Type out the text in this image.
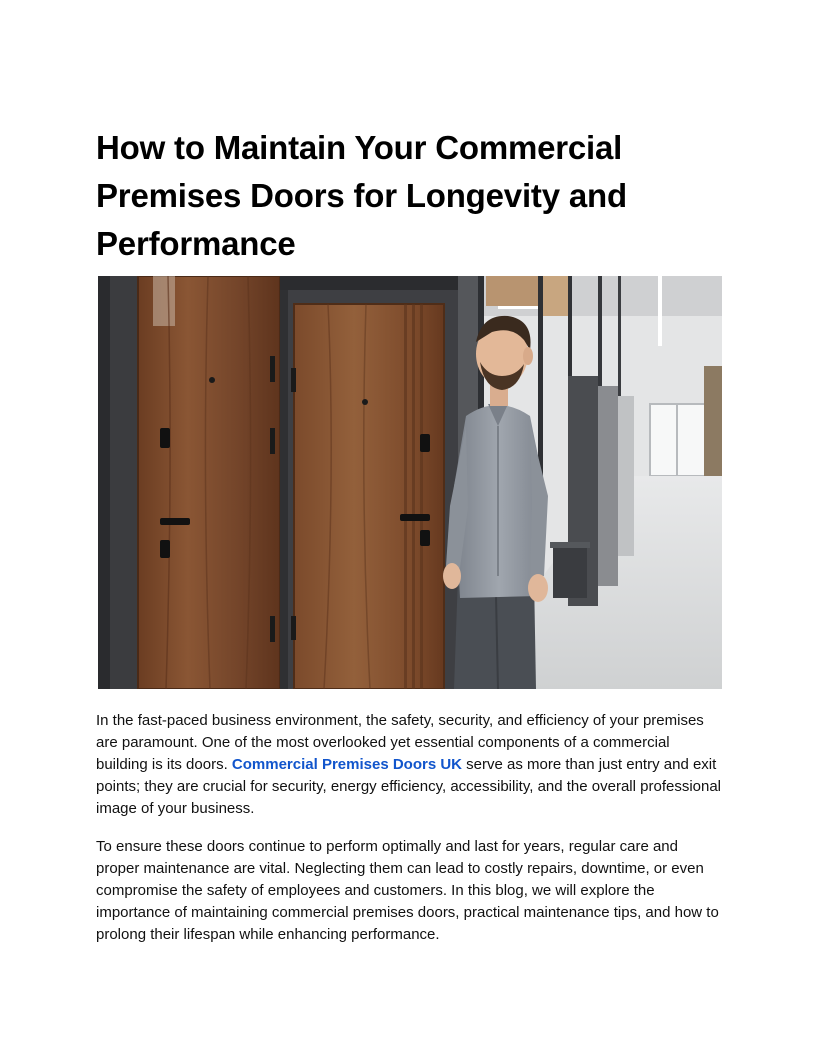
How to Maintain Your Commercial Premises Doors for Longevity and Performance

In the fast-paced business environment, the safety, security, and efficiency of your premises are paramount. One of the most overlooked yet essential components of a commercial building is its doors. Commercial Premises Doors UK serve as more than just entry and exit points; they are crucial for security, energy efficiency, accessibility, and the overall professional image of your business.

To ensure these doors continue to perform optimally and last for years, regular care and proper maintenance are vital. Neglecting them can lead to costly repairs, downtime, or even compromise the safety of employees and customers. In this blog, we will explore the importance of maintaining commercial premises doors, practical maintenance tips, and how to prolong their lifespan while enhancing performance.
